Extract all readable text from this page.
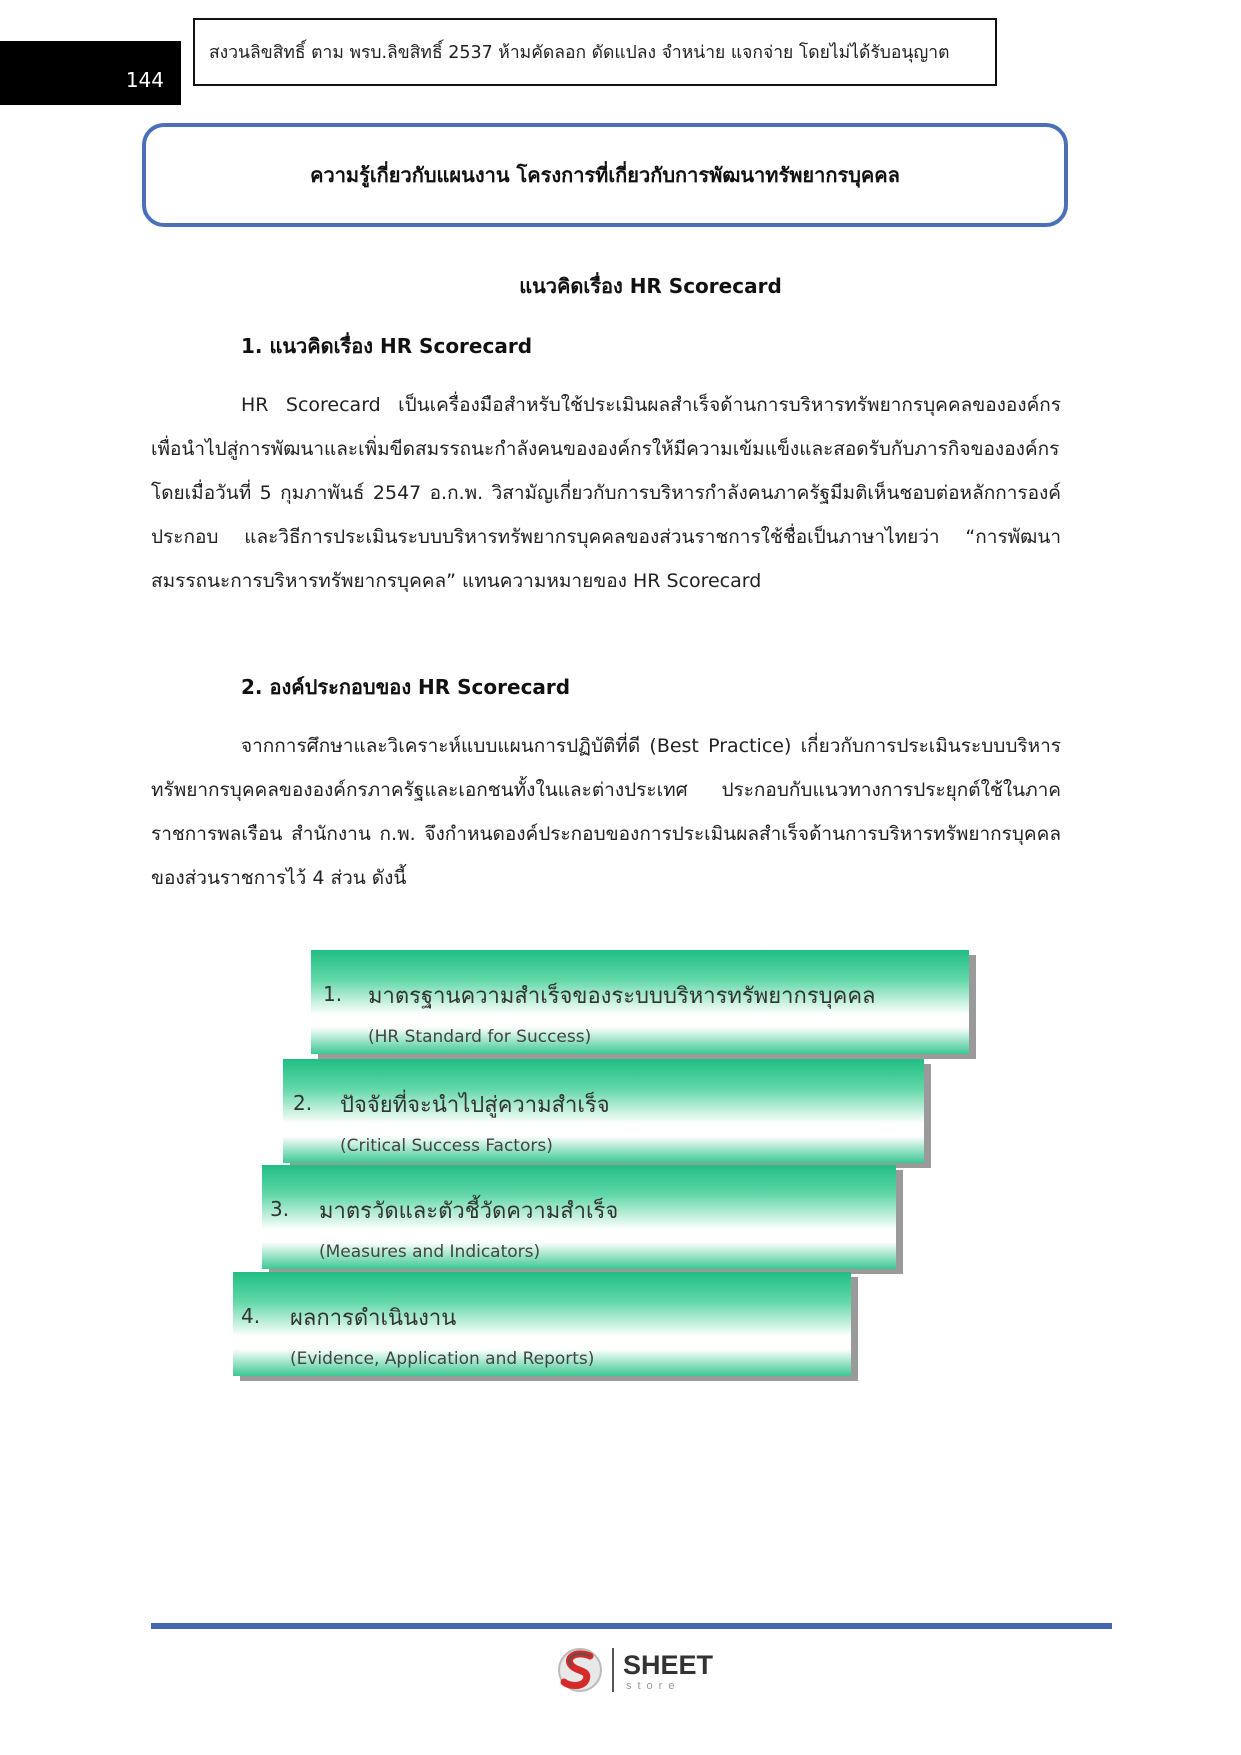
144
สงวนลิขสิทธิ์ ตาม พรบ.ลิขสิทธิ์ 2537 ห้ามคัดลอก ดัดแปลง จำหน่าย แจกจ่าย โดยไม่ได้รับอนุญาต
ความรู้เกี่ยวกับแผนงาน โครงการที่เกี่ยวกับการพัฒนาทรัพยากรบุคคล
แนวคิดเรื่อง HR Scorecard
1. แนวคิดเรื่อง HR Scorecard

HR Scorecard เป็นเครื่องมือสำหรับใช้ประเมินผลสำเร็จด้านการบริหารทรัพยากรบุคคลขององค์กร เพื่อนำไปสู่การพัฒนาและเพิ่มขีดสมรรถนะกำลังคนขององค์กรให้มีความเข้มแข็งและสอดรับกับภารกิจขององค์กร โดยเมื่อวันที่ 5 กุมภาพันธ์ 2547 อ.ก.พ. วิสามัญเกี่ยวกับการบริหารกำลังคนภาครัฐมีมติเห็นชอบต่อหลักการองค์ประกอบ และวิธีการประเมินระบบบริหารทรัพยากรบุคคลของส่วนราชการใช้ชื่อเป็นภาษาไทยว่า “การพัฒนาสมรรถนะการบริหารทรัพยากรบุคคล” แทนความหมายของ HR Scorecard

2. องค์ประกอบของ HR Scorecard

จากการศึกษาและวิเคราะห์แบบแผนการปฏิบัติที่ดี (Best Practice) เกี่ยวกับการประเมินระบบบริหารทรัพยากรบุคคลขององค์กรภาครัฐและเอกชนทั้งในและต่างประเทศ ประกอบกับแนวทางการประยุกต์ใช้ในภาคราชการพลเรือน สำนักงาน ก.พ. จึงกำหนดองค์ประกอบของการประเมินผลสำเร็จด้านการบริหารทรัพยากรบุคคลของส่วนราชการไว้ 4 ส่วน ดังนี้

1. มาตรฐานความสำเร็จของระบบบริหารทรัพยากรบุคคล
(HR Standard for Success)
2. ปัจจัยที่จะนำไปสู่ความสำเร็จ
(Critical Success Factors)
3. มาตรวัดและตัวชี้วัดความสำเร็จ
(Measures and Indicators)
4. ผลการดำเนินงาน
(Evidence, Application and Reports)
SHEET
store
